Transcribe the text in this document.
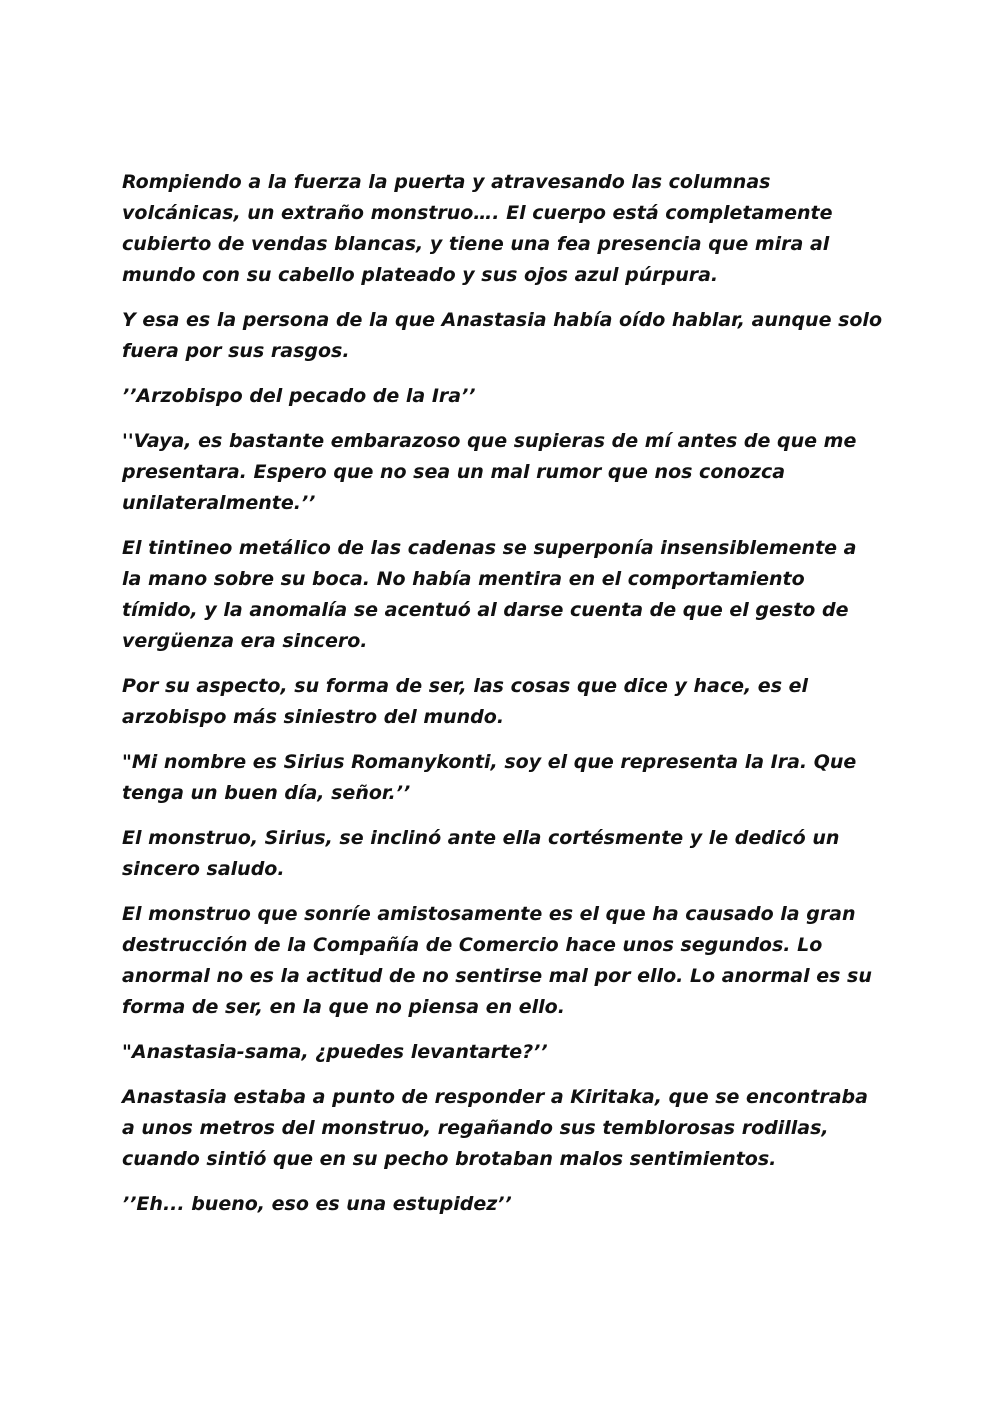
Rompiendo a la fuerza la puerta y atravesando las columnas volcánicas, un extraño monstruo…. El cuerpo está completamente cubierto de vendas blancas, y tiene una fea presencia que mira al mundo con su cabello plateado y sus ojos azul púrpura.

Y esa es la persona de la que Anastasia había oído hablar, aunque solo fuera por sus rasgos.

’’Arzobispo del pecado de la Ira’’

''Vaya, es bastante embarazoso que supieras de mí antes de que me presentara. Espero que no sea un mal rumor que nos conozca unilateralmente.’’

El tintineo metálico de las cadenas se superponía insensiblemente a la mano sobre su boca. No había mentira en el comportamiento tímido, y la anomalía se acentuó al darse cuenta de que el gesto de vergüenza era sincero.

Por su aspecto, su forma de ser, las cosas que dice y hace, es el arzobispo más siniestro del mundo.

"Mi nombre es Sirius Romanykonti, soy el que representa la Ira. Que tenga un buen día, señor.’’

El monstruo, Sirius, se inclinó ante ella cortésmente y le dedicó un sincero saludo.

El monstruo que sonríe amistosamente es el que ha causado la gran destrucción de la Compañía de Comercio hace unos segundos. Lo anormal no es la actitud de no sentirse mal por ello. Lo anormal es su forma de ser, en la que no piensa en ello.

"Anastasia-sama, ¿puedes levantarte?’’

Anastasia estaba a punto de responder a Kiritaka, que se encontraba a unos metros del monstruo, regañando sus temblorosas rodillas, cuando sintió que en su pecho brotaban malos sentimientos.

’’Eh... bueno, eso es una estupidez’’
